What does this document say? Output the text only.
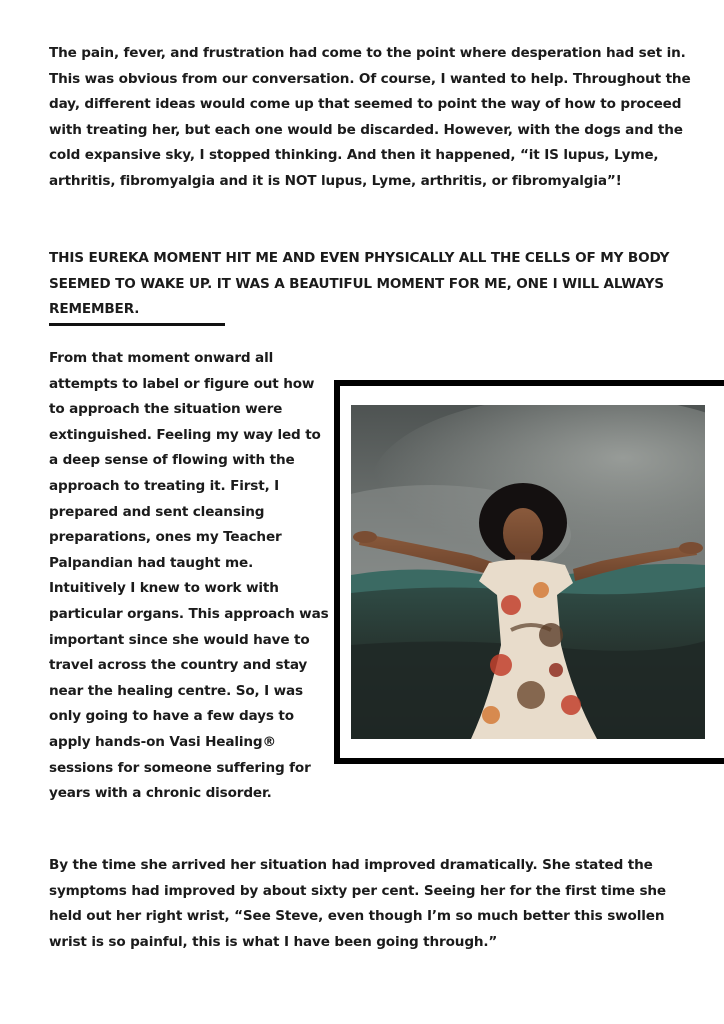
The pain, fever, and frustration had come to the point where desperation had set in. This was obvious from our conversation. Of course, I wanted to help. Throughout the day, different ideas would come up that seemed to point the way of how to proceed with treating her, but each one would be discarded. However, with the dogs and the cold expansive sky, I stopped thinking. And then it happened, “it IS lupus, Lyme, arthritis, fibromyalgia and it is NOT lupus, Lyme, arthritis, or fibromyalgia”!

THIS EUREKA MOMENT HIT ME AND EVEN PHYSICALLY ALL THE CELLS OF MY BODY SEEMED TO WAKE UP. IT WAS A BEAUTIFUL MOMENT FOR ME, ONE I WILL ALWAYS REMEMBER.

From that moment onward all attempts to label or figure out how to approach the situation were extinguished. Feeling my way led to a deep sense of flowing with the approach to treating it. First, I prepared and sent cleansing preparations, ones my Teacher Palpandian had taught me. Intuitively I knew to work with particular organs. This approach was important since she would have to travel across the country and stay near the healing centre. So, I was only going to have a few days to apply hands-on Vasi Healing® sessions for someone suffering for years with a chronic disorder.

By the time she arrived her situation had improved dramatically. She stated the symptoms had improved by about sixty per cent. Seeing her for the first time she held out her right wrist, “See Steve, even though I’m so much better this swollen wrist is so painful, this is what I have been going through.”
